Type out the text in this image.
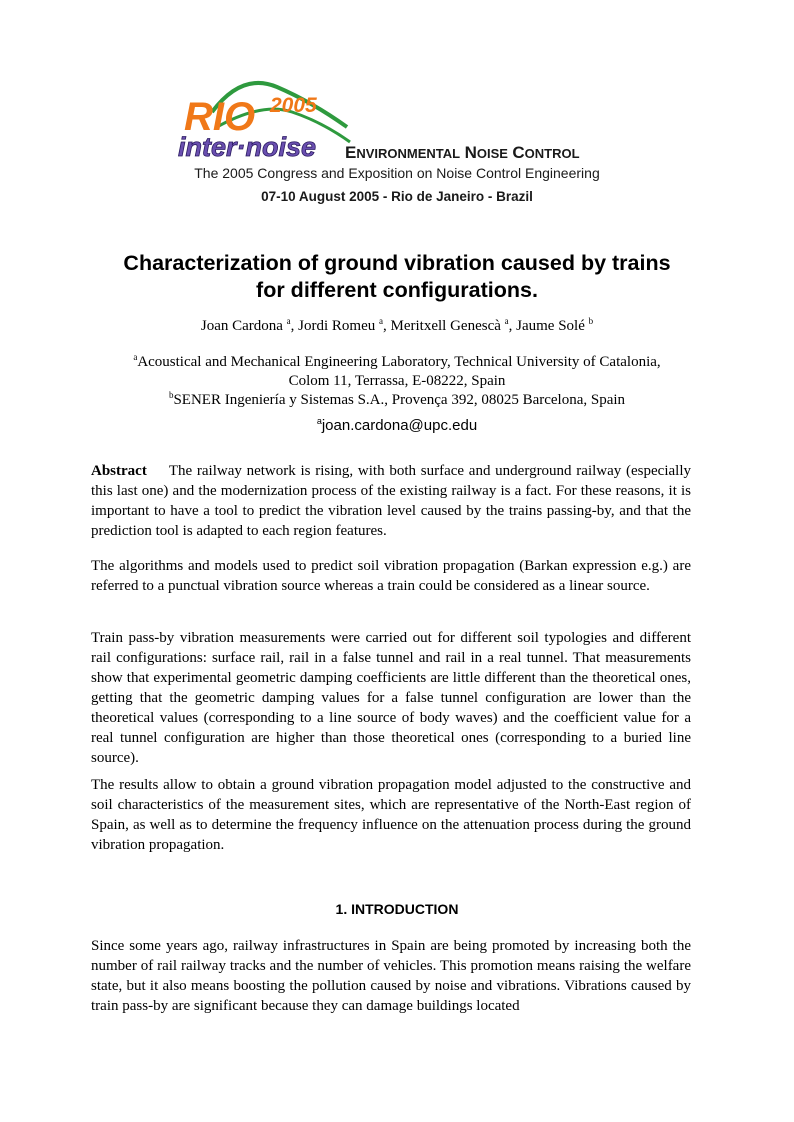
RIO 2005
inter·noise ENVIRONMENTAL NOISE CONTROL
The 2005 Congress and Exposition on Noise Control Engineering
07-10 August 2005 - Rio de Janeiro - Brazil
Characterization of ground vibration caused by trains
for different configurations.
Joan Cardona $^a$, Jordi Romeu $^a$, Meritxell Genescà $^a$, Jaume Solé $^b$
$^a$Acoustical and Mechanical Engineering Laboratory, Technical University of Catalonia,
Colom 11, Terrassa, E-08222, Spain
$^b$SENER Ingeniería y Sistemas S.A., Provença 392, 08025 Barcelona, Spain
$^a$joan.cardona@upc.edu

Abstract The railway network is rising, with both surface and underground railway (especially this last one) and the modernization process of the existing railway is a fact. For these reasons, it is important to have a tool to predict the vibration level caused by the trains passing-by, and that the prediction tool is adapted to each region features.

The algorithms and models used to predict soil vibration propagation (Barkan expression e.g.) are referred to a punctual vibration source whereas a train could be considered as a linear source.

Train pass-by vibration measurements were carried out for different soil typologies and different rail configurations: surface rail, rail in a false tunnel and rail in a real tunnel. That measurements show that experimental geometric damping coefficients are little different than the theoretical ones, getting that the geometric damping values for a false tunnel configuration are lower than the theoretical values (corresponding to a line source of body waves) and the coefficient value for a real tunnel configuration are higher than those theoretical ones (corresponding to a buried line source).

The results allow to obtain a ground vibration propagation model adjusted to the constructive and soil characteristics of the measurement sites, which are representative of the North-East region of Spain, as well as to determine the frequency influence on the attenuation process during the ground vibration propagation.

1. INTRODUCTION

Since some years ago, railway infrastructures in Spain are being promoted by increasing both the number of rail railway tracks and the number of vehicles. This promotion means raising the welfare state, but it also means boosting the pollution caused by noise and vibrations. Vibrations caused by train pass-by are significant because they can damage buildings located
